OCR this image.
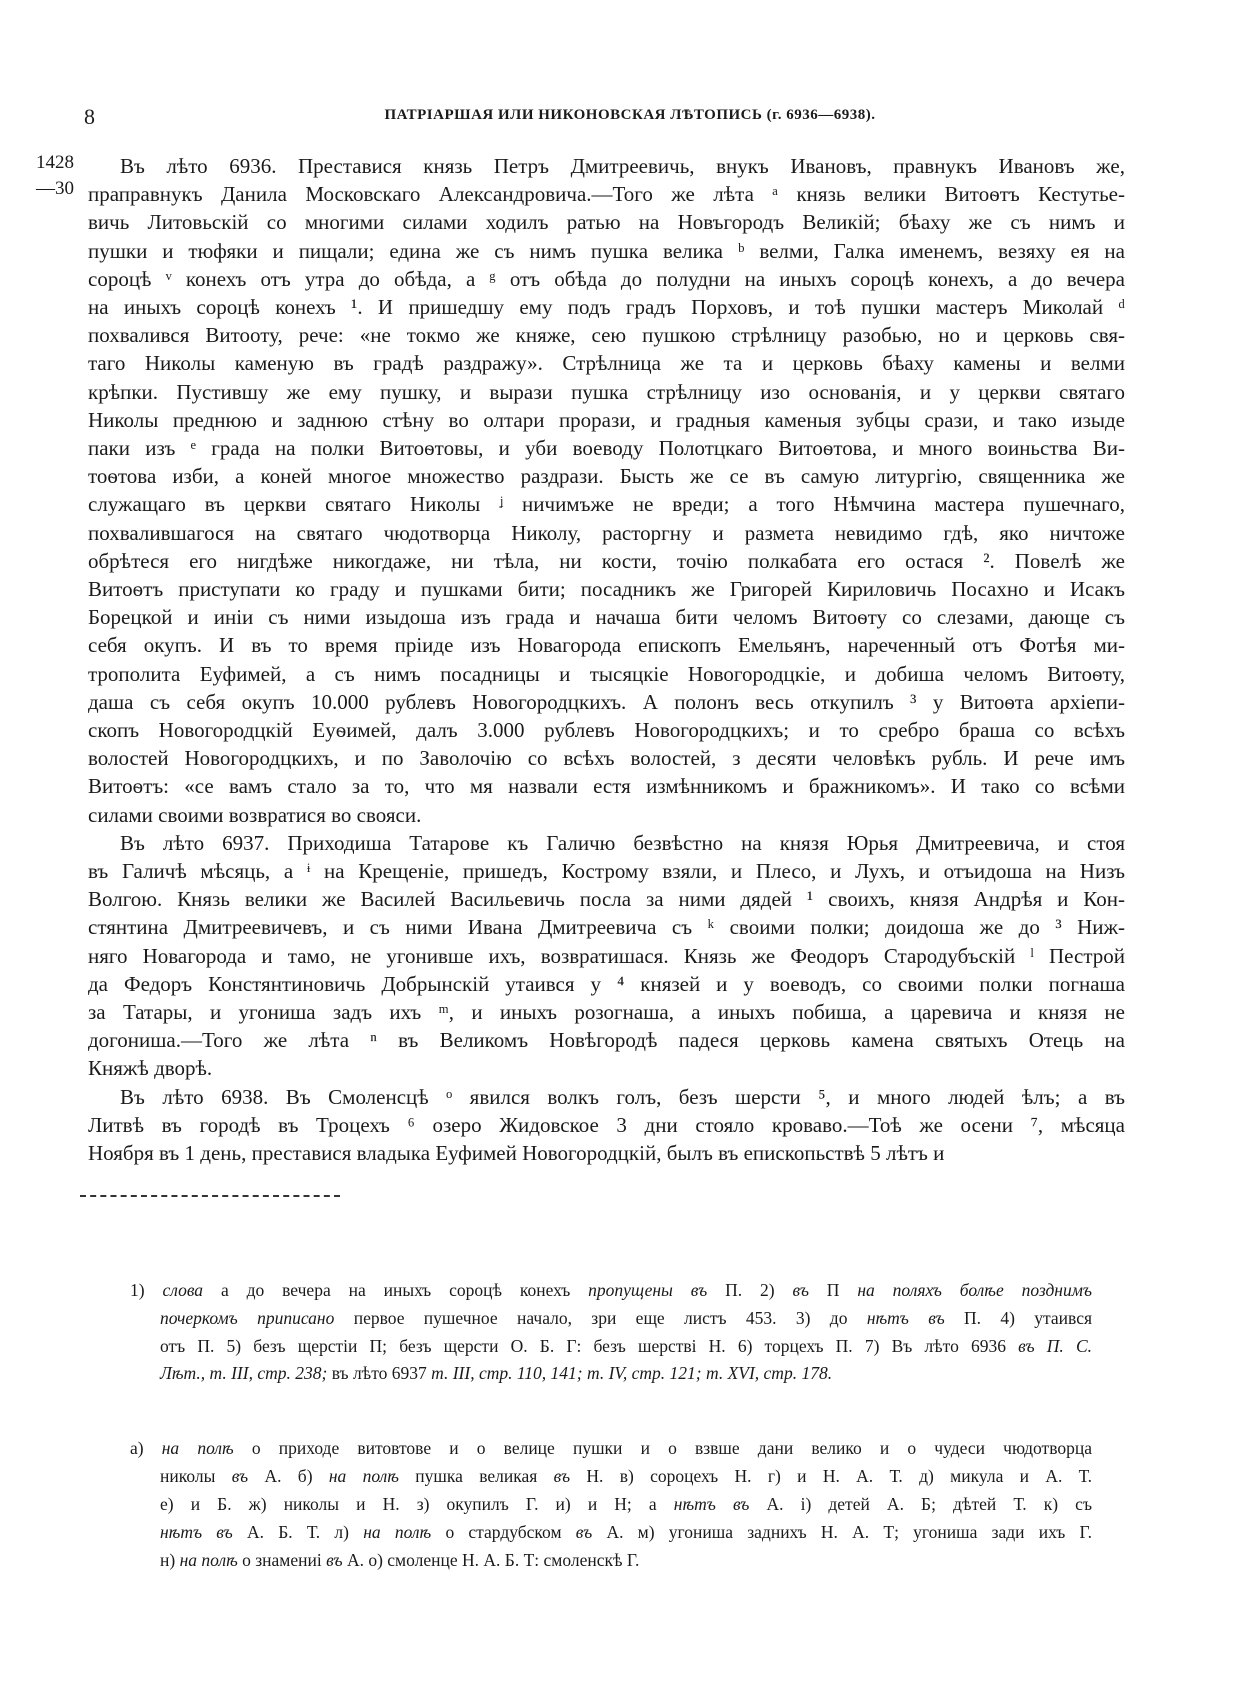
8	ПАТРІАРШАЯ ИЛИ НИКОНОВСКАЯ ЛѢТОПИСЬ (г. 6936—6938).
1428
—30
Въ лѣто 6936. Преставися князь Петръ Дмитреевичь, внукъ Ивановъ, правнукъ Ивановъ же,
праправнукъ Данила Московскаго Александровича.—Того же лѣта ᵃ князь велики Витоѳтъ Кестутье-
вичь Литовьскій со многими силами ходилъ ратью на Новъгородъ Великій; бѣаху же съ нимъ и
пушки и тюфяки и пищали; едина же съ нимъ пушка велика ᵇ велми, Галка именемъ, везяху ея на
сороцѣ ᵛ конехъ отъ утра до обѣда, а ᵍ отъ обѣда до полудни на иныхъ сороцѣ конехъ, а до вечера
на иныхъ сороцѣ конехъ ¹. И пришедшу ему подъ градъ Порховъ, и тоѣ пушки мастеръ Миколай ᵈ
похвалився Витооту, рече: «не токмо же княже, сею пушкою стрѣлницу разобью, но и церковь свя-
таго Николы каменую въ градѣ раздражу». Стрѣлница же та и церковь бѣаху камены и велми
крѣпки. Пустившу же ему пушку, и вырази пушка стрѣлницу изо основанія, и у церкви святаго
Николы преднюю и заднюю стѣну во олтари прорази, и градныя каменыя зубцы срази, и тако изыде
паки изъ ᵉ града на полки Витоѳтовы, и уби воеводу Полотцкаго Витоѳтова, и много воиньства Ви-
тоѳтова изби, а коней многое множество раздрази. Бысть же се въ самую литургію, священника же
служащаго въ церкви святаго Николы ᶨ ничимъже не вреди; а того Нѣмчина мастера пушечнаго,
похвалившагося на святаго чюдотворца Николу, расторгну и размета невидимо гдѣ, яко ничтоже
обрѣтеся его нигдѣже никогдаже, ни тѣла, ни кости, точію полкабата его остася ². Повелѣ же
Витоѳтъ приступати ко граду и пушками бити; посадникъ же Григорей Кириловичь Посахно и Исакъ
Борецкой и иніи съ ними изыдоша изъ града и начаша бити челомъ Витоѳту со слезами, дающе съ
себя окупъ. И въ то время пріиде изъ Новагорода епископъ Емельянъ, нареченный отъ Фотѣя ми-
трополита Еуфимей, а съ нимъ посадницы и тысяцкіе Новогородцкіе, и добиша челомъ Витоѳту,
даша съ себя окупъ 10.000 рублевъ Новогородцкихъ. А полонъ весь откупилъ ³ у Витоѳта архіепи-
скопъ Новогородцкій Еуѳимей, далъ 3.000 рублевъ Новогородцкихъ; и то сребро браша со всѣхъ
волостей Новогородцкихъ, и по Заволочію со всѣхъ волостей, з десяти человѣкъ рубль. И рече имъ
Витоѳтъ: «се вамъ стало за то, что мя назвали естя измѣнникомъ и бражникомъ». И тако со всѣми
силами своими возвратися во свояси.
Въ лѣто 6937. Приходиша Татарове къ Галичю безвѣстно на князя Юрья Дмитреевича, и стоя
въ Галичѣ мѣсяць, а ᶤ на Крещеніе, пришедъ, Кострому взяли, и Плесо, и Лухъ, и отъидоша на Низъ
Волгою. Князь велики же Василей Васильевичь посла за ними дядей ¹ своихъ, князя Андрѣя и Кон-
стянтина Дмитреевичевъ, и съ ними Ивана Дмитреевича съ ᵏ своими полки; доидоша же до ³ Ниж-
няго Новагорода и тамо, не угонивше ихъ, возвратишася. Князь же Феодоръ Стародубъскій ˡ Пестрой
да Федоръ Констянтиновичь Добрынскій утаився у ⁴ князей и у воеводъ, со своими полки погнаша
за Татары, и угониша задъ ихъ ᵐ, и иныхъ розогнаша, а иныхъ побиша, а царевича и князя не
догониша.—Того же лѣта ⁿ въ Великомъ Новѣгородѣ падеся церковь камена святыхъ Отець на
Княжѣ дворѣ.
Въ лѣто 6938. Въ Смоленсцѣ ᵒ явился волкъ голъ, безъ шерсти ⁵, и много людей ѣлъ; а въ
Литвѣ въ городѣ въ Троцехъ ⁶ озеро Жидовское 3 дни стояло кроваво.—Тоѣ же осени ⁷, мѣсяца
Ноября въ 1 день, преставися владыка Еуфимей Новогородцкій, былъ въ епископьствѣ 5 лѣтъ и
1) слова а до вечера на иныхъ сороцѣ конехъ пропущены въ П. 2) въ П на поляхъ болѣе позднимъ
почеркомъ приписано первое пушечное начало, зри еще листъ 453. 3) до нѣтъ въ П. 4) утаився
отъ П. 5) безъ щерстіи П; безъ щерсти О. Б. Г: безъ шерстві Н. 6) торцехъ П. 7) Въ лѣто 6936 въ П. С.
Лѣт., т. III, стр. 238; въ лѣто 6937 т. III, стр. 110, 141; т. IV, стр. 121; т. XVI, стр. 178.
а) на полѣ о приходе витовтове и о велице пушки и о взвше дани велико и о чудеси чюдотворца
николы въ А. б) на полѣ пушка великая въ Н. в) сороцехъ Н. г) и Н. А. Т. д) микула и А. Т.
е) и Б. ж) николы и Н. з) окупилъ Г. и) и Н; а нѣтъ въ А. і) детей А. Б; дѣтей Т. к) съ
нѣтъ въ А. Б. Т. л) на полѣ о стардубском въ А. м) угониша заднихъ Н. А. Т; угониша зади ихъ Г.
н) на полѣ о знамениі въ А. о) смоленце Н. А. Б. Т: смоленскѣ Г.
